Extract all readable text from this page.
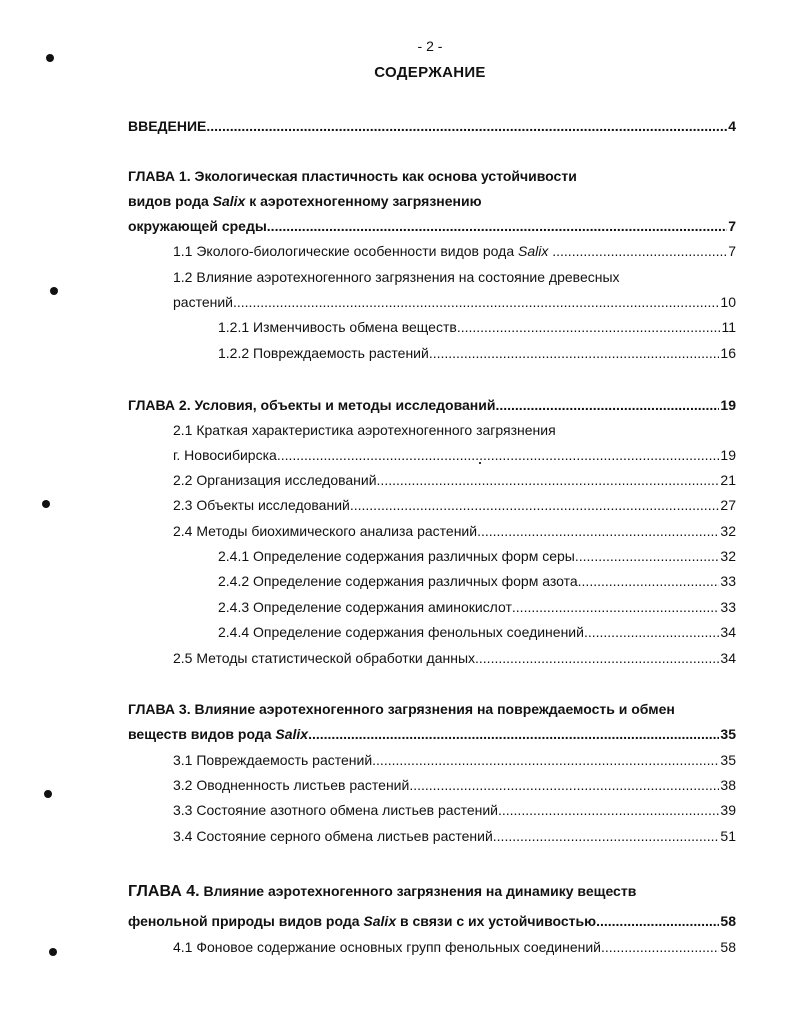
- 2 -
СОДЕРЖАНИЕ
ВВЕДЕНИЕ .....	4
ГЛАВА 1. Экологическая пластичность как основа устойчивости
видов рода Salix к аэротехногенному загрязнению
окружающей среды .....	7
1.1 Эколого-биологические особенности видов рода Salix ... .....	7
1.2 Влияние аэротехногенного загрязнения на состояние древесных
растений .....	10
1.2.1 Изменчивость обмена веществ .....	11
1.2.2 Повреждаемость растений .....	16
ГЛАВА 2. Условия, объекты и методы исследований .....	19
2.1 Краткая характеристика аэротехногенного загрязнения
г. Новосибирска .....	19
2.2 Организация исследований .....	21
2.3 Объекты исследований .....	27
2.4 Методы биохимического анализа растений .....	32
2.4.1 Определение содержания различных форм серы .....	32
2.4.2 Определение содержания различных форм азота .....	33
2.4.3 Определение содержания аминокислот .....	33
2.4.4 Определение содержания фенольных соединений .....	34
2.5 Методы статистической обработки данных .....	34
ГЛАВА 3. Влияние аэротехногенного загрязнения на повреждаемость и обмен
веществ видов рода Salix .....	35
3.1 Повреждаемость растений .....	35
3.2 Оводненность листьев растений .....	38
3.3 Состояние азотного обмена листьев растений .....	39
3.4 Состояние серного обмена листьев растений .....	51
ГЛАВА 4. Влияние аэротехногенного загрязнения на динамику веществ
фенольной природы видов рода Salix в связи с их устойчивостью .....	58
4.1 Фоновое содержание основных групп фенольных соединений .....	58
